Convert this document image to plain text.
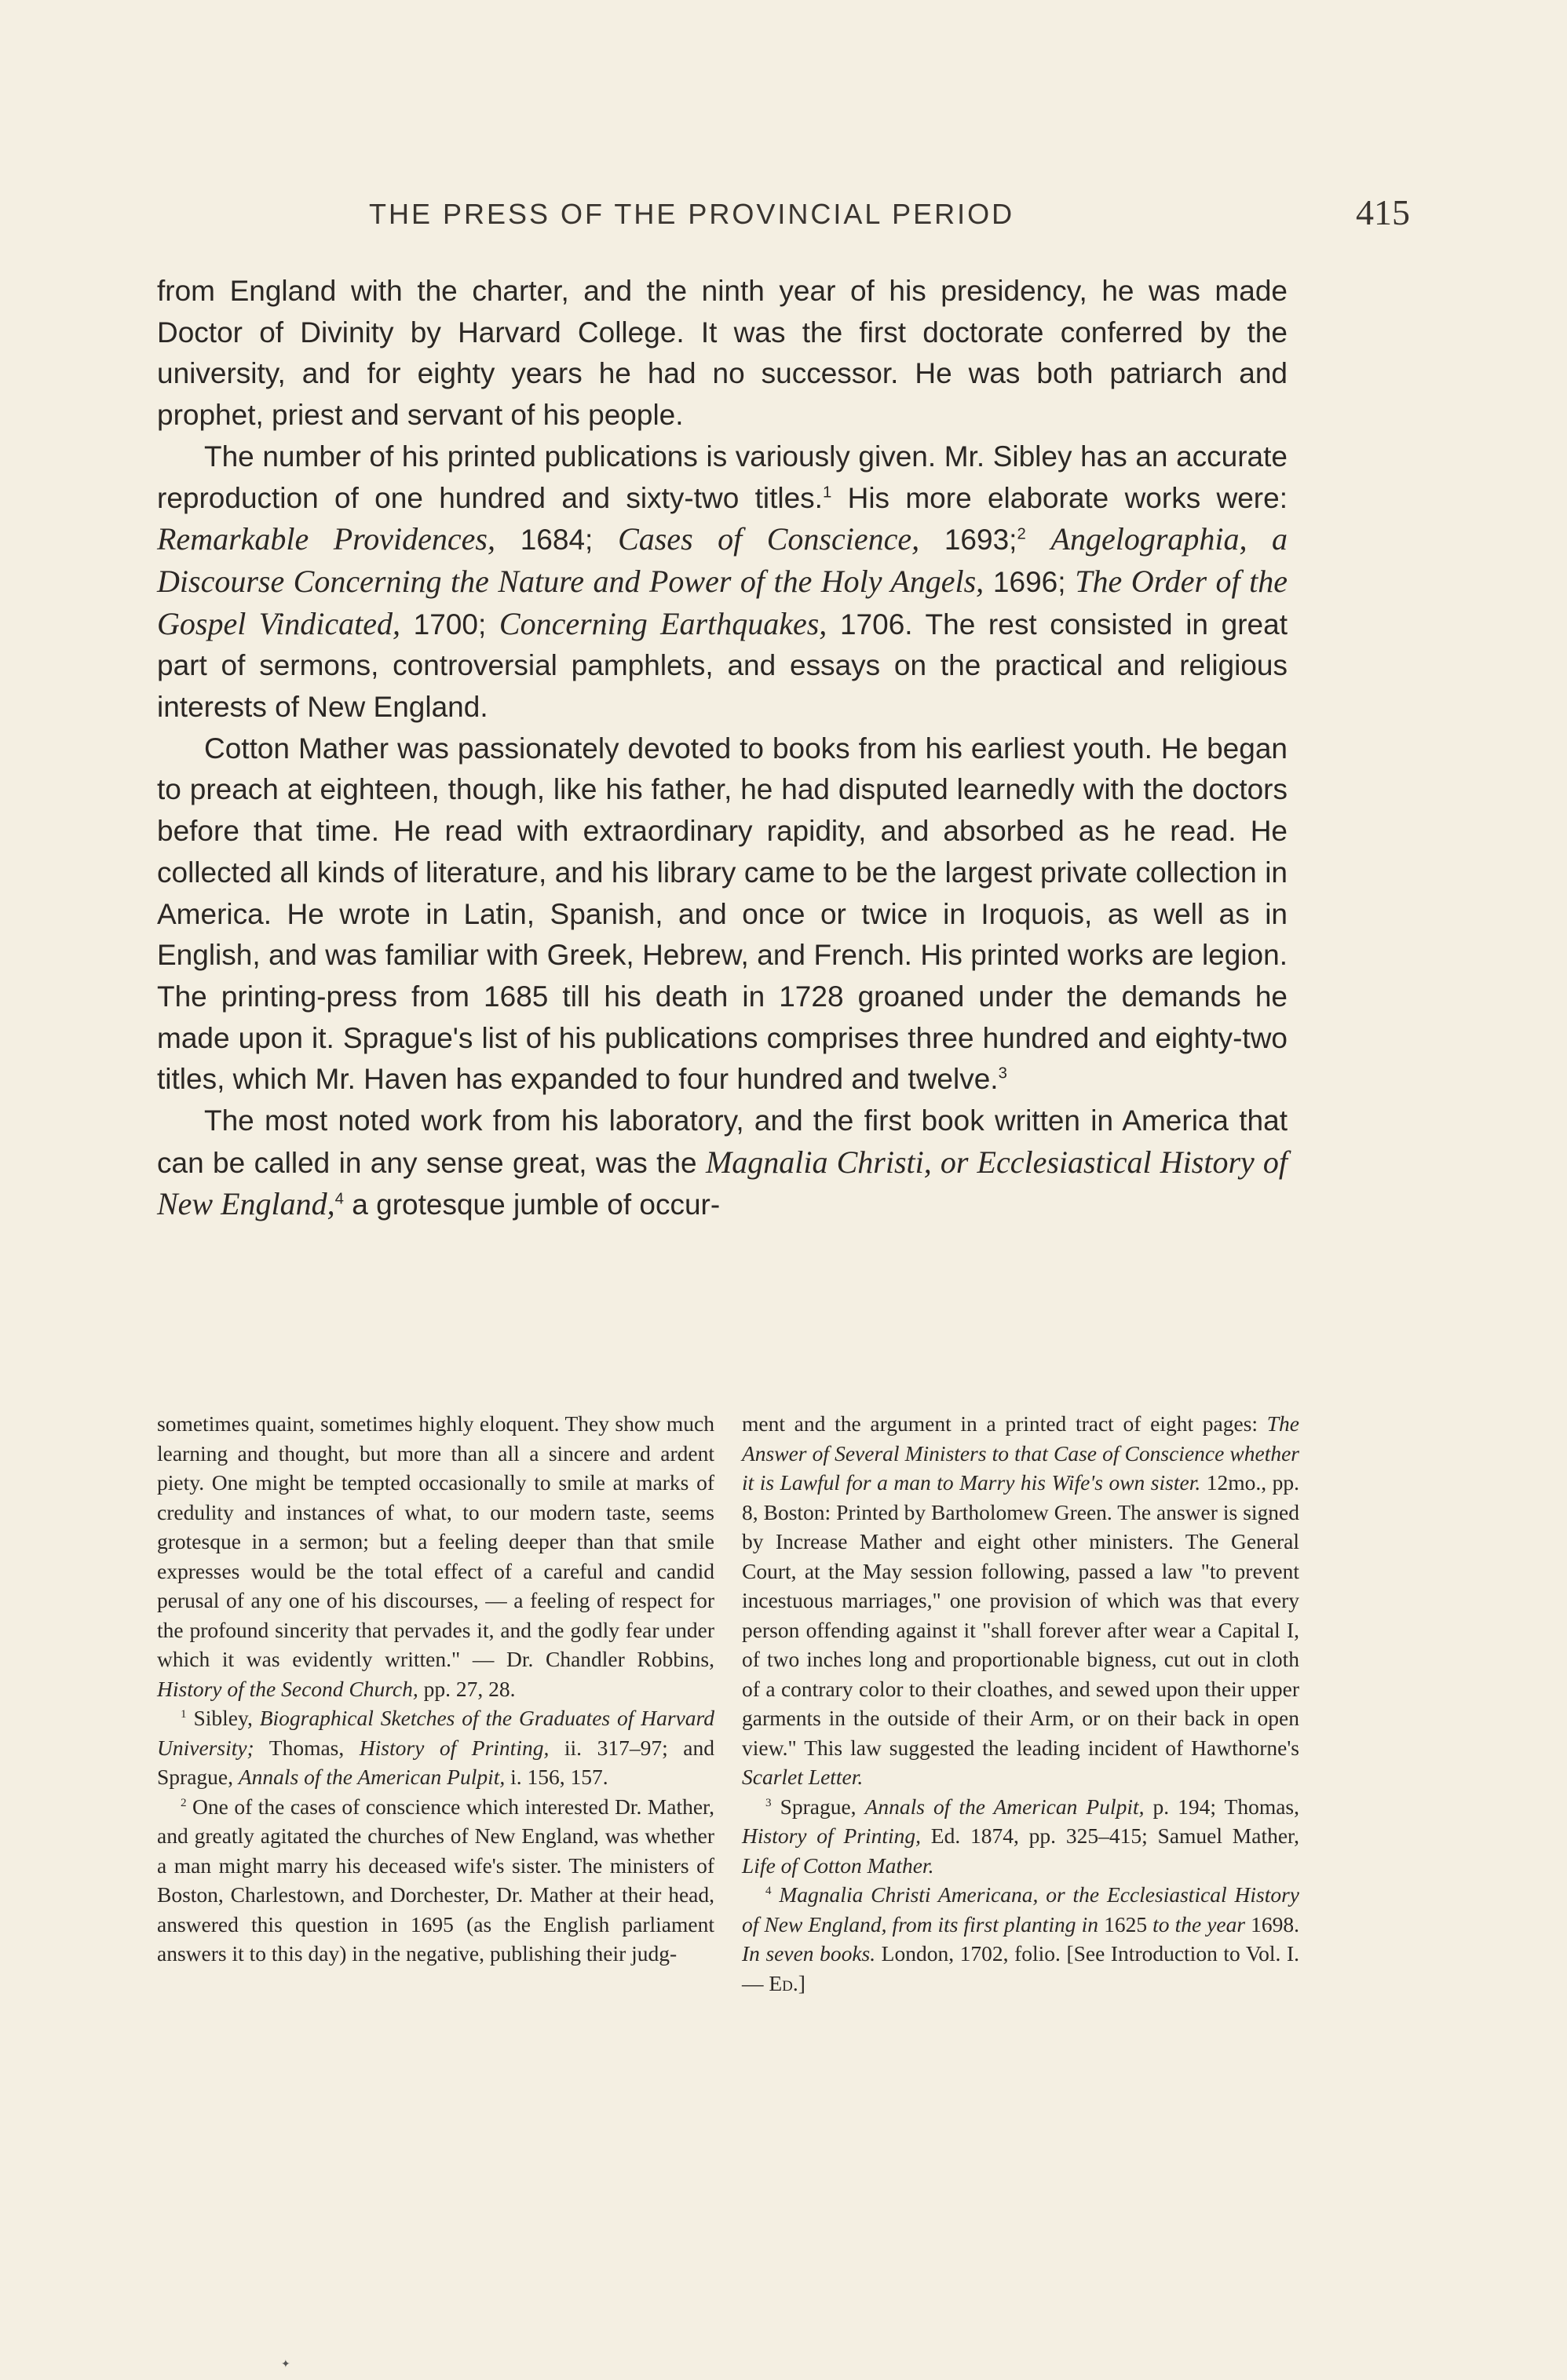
THE PRESS OF THE PROVINCIAL PERIOD	415

from England with the charter, and the ninth year of his presidency, he was made Doctor of Divinity by Harvard College. It was the first doctorate conferred by the university, and for eighty years he had no successor. He was both patriarch and prophet, priest and servant of his people.

The number of his printed publications is variously given. Mr. Sibley has an accurate reproduction of one hundred and sixty-two titles.$^1$ His more elaborate works were: Remarkable Providences, 1684; Cases of Conscience, 1693;$^2$ Angelographia, a Discourse Concerning the Nature and Power of the Holy Angels, 1696; The Order of the Gospel Vindicated, 1700; Concerning Earthquakes, 1706. The rest consisted in great part of sermons, controversial pamphlets, and essays on the practical and religious interests of New England.

Cotton Mather was passionately devoted to books from his earliest youth. He began to preach at eighteen, though, like his father, he had disputed learnedly with the doctors before that time. He read with extraordinary rapidity, and absorbed as he read. He collected all kinds of literature, and his library came to be the largest private collection in America. He wrote in Latin, Spanish, and once or twice in Iroquois, as well as in English, and was familiar with Greek, Hebrew, and French. His printed works are legion. The printing-press from 1685 till his death in 1728 groaned under the demands he made upon it. Sprague's list of his publications comprises three hundred and eighty-two titles, which Mr. Haven has expanded to four hundred and twelve.$^3$

The most noted work from his laboratory, and the first book written in America that can be called in any sense great, was the Magnalia Christi, or Ecclesiastical History of New England,$^4$ a grotesque jumble of occur-

sometimes quaint, sometimes highly eloquent. They show much learning and thought, but more than all a sincere and ardent piety. One might be tempted occasionally to smile at marks of credulity and instances of what, to our modern taste, seems grotesque in a sermon; but a feeling deeper than that smile expresses would be the total effect of a careful and candid perusal of any one of his discourses, — a feeling of respect for the profound sincerity that pervades it, and the godly fear under which it was evidently written." — Dr. Chandler Robbins, History of the Second Church, pp. 27, 28.

$^1$ Sibley, Biographical Sketches of the Graduates of Harvard University; Thomas, History of Printing, ii. 317–97; and Sprague, Annals of the American Pulpit, i. 156, 157.

$^2$ One of the cases of conscience which interested Dr. Mather, and greatly agitated the churches of New England, was whether a man might marry his deceased wife's sister. The ministers of Boston, Charlestown, and Dorchester, Dr. Mather at their head, answered this question in 1695 (as the English parliament answers it to this day) in the negative, publishing their judg-

ment and the argument in a printed tract of eight pages: The Answer of Several Ministers to that Case of Conscience whether it is Lawful for a man to Marry his Wife's own sister. 12mo., pp. 8, Boston: Printed by Bartholomew Green. The answer is signed by Increase Mather and eight other ministers. The General Court, at the May session following, passed a law "to prevent incestuous marriages," one provision of which was that every person offending against it "shall forever after wear a Capital I, of two inches long and proportionable bigness, cut out in cloth of a contrary color to their cloathes, and sewed upon their upper garments in the outside of their Arm, or on their back in open view." This law suggested the leading incident of Hawthorne's Scarlet Letter.

$^3$ Sprague, Annals of the American Pulpit, p. 194; Thomas, History of Printing, Ed. 1874, pp. 325–415; Samuel Mather, Life of Cotton Mather.

$^4$ Magnalia Christi Americana, or the Ecclesiastical History of New England, from its first planting in 1625 to the year 1698. In seven books. London, 1702, folio. [See Introduction to Vol. I. — Ed.]

✦
